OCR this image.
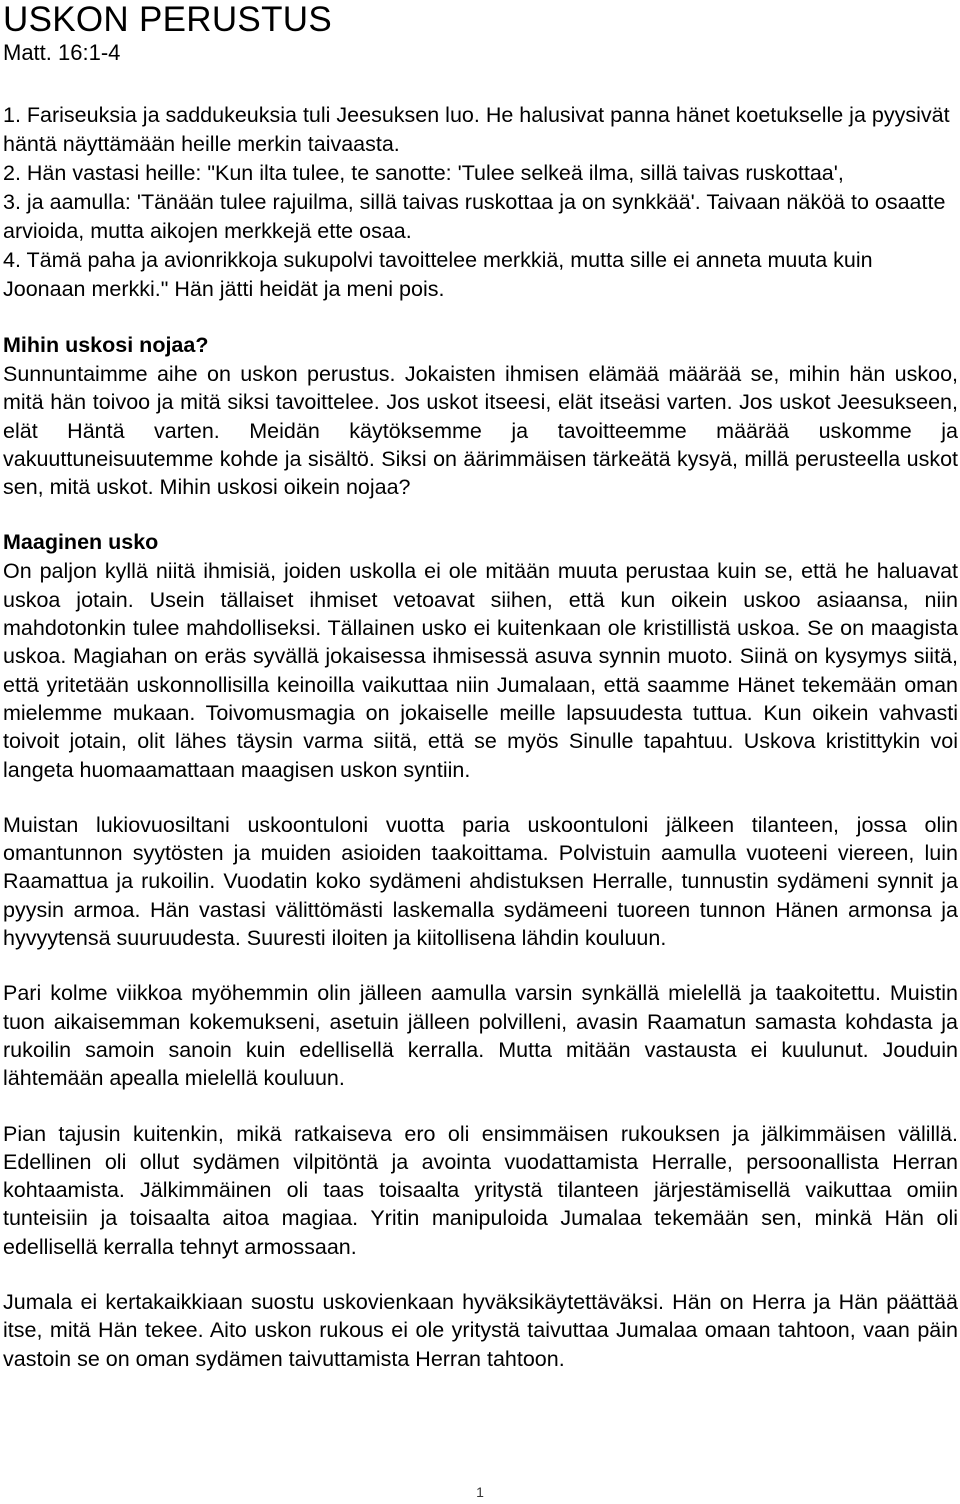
USKON PERUSTUS

Matt. 16:1-4

1. Fariseuksia ja saddukeuksia tuli Jeesuksen luo. He halusivat panna hänet koetukselle ja pyysivät häntä näyttämään heille merkin taivaasta.

2. Hän vastasi heille: "Kun ilta tulee, te sanotte: 'Tulee selkeä ilma, sillä taivas ruskottaa',

3. ja aamulla: 'Tänään tulee rajuilma, sillä taivas ruskottaa ja on synkkää'. Taivaan näköä to osaatte arvioida, mutta aikojen merkkejä ette osaa.

4. Tämä paha ja avionrikkoja sukupolvi tavoittelee merkkiä, mutta sille ei anneta muuta kuin Joonaan merkki." Hän jätti heidät ja meni pois.

Mihin uskosi nojaa?

Sunnuntaimme aihe on uskon perustus. Jokaisten ihmisen elämää määrää se, mihin hän uskoo, mitä hän toivoo ja mitä siksi tavoittelee. Jos uskot itseesi, elät itseäsi varten. Jos uskot Jeesukseen, elät Häntä varten. Meidän käytöksemme ja tavoitteemme määrää uskomme ja vakuuttuneisuutemme kohde ja sisältö. Siksi on äärimmäisen tärkeätä kysyä, millä perusteella uskot sen, mitä uskot. Mihin uskosi oikein nojaa?

Maaginen usko

On paljon kyllä niitä ihmisiä, joiden uskolla ei ole mitään muuta perustaa kuin se, että he haluavat uskoa jotain. Usein tällaiset ihmiset vetoavat siihen, että kun oikein uskoo asiaansa, niin mahdotonkin tulee mahdolliseksi. Tällainen usko ei kuitenkaan ole kristillistä uskoa. Se on maagista uskoa. Magiahan on eräs syvällä jokaisessa ihmisessä asuva synnin muoto. Siinä on kysymys siitä, että yritetään uskonnollisilla keinoilla vaikuttaa niin Jumalaan, että saamme Hänet tekemään oman mielemme mukaan. Toivomusmagia on jokaiselle meille lapsuudesta tuttua. Kun oikein vahvasti toivoit jotain, olit lähes täysin varma siitä, että se myös Sinulle tapahtuu. Uskova kristittykin voi langeta huomaamattaan maagisen uskon syntiin.

Muistan lukiovuosiltani uskoontuloni vuotta paria uskoontuloni jälkeen tilanteen, jossa olin omantunnon syytösten ja muiden asioiden taakoittama. Polvistuin aamulla vuoteeni viereen, luin Raamattua ja rukoilin. Vuodatin koko sydämeni ahdistuksen Herralle, tunnustin sydämeni synnit ja pyysin armoa. Hän vastasi välittömästi laskemalla sydämeeni tuoreen tunnon Hänen armonsa ja hyvyytensä suuruudesta. Suuresti iloiten ja kiitollisena lähdin kouluun.

Pari kolme viikkoa myöhemmin olin jälleen aamulla varsin synkällä mielellä ja taakoitettu. Muistin tuon aikaisemman kokemukseni, asetuin jälleen polvilleni, avasin Raamatun samasta kohdasta ja rukoilin samoin sanoin kuin edellisellä kerralla. Mutta mitään vastausta ei kuulunut. Jouduin lähtemään apealla mielellä kouluun.

Pian tajusin kuitenkin, mikä ratkaiseva ero oli ensimmäisen rukouksen ja jälkimmäisen välillä. Edellinen oli ollut sydämen vilpitöntä ja avointa vuodattamista Herralle, persoonallista Herran kohtaamista. Jälkimmäinen oli taas toisaalta yritystä tilanteen järjestämisellä vaikuttaa omiin tunteisiin ja toisaalta aitoa magiaa. Yritin manipuloida Jumalaa tekemään sen, minkä Hän oli edellisellä kerralla tehnyt armossaan.

Jumala ei kertakaikkiaan suostu uskovienkaan hyväksikäytettäväksi. Hän on Herra ja Hän päättää itse, mitä Hän tekee. Aito uskon rukous ei ole yritystä taivuttaa Jumalaa omaan tahtoon, vaan päin vastoin se on oman sydämen taivuttamista Herran tahtoon.

1
